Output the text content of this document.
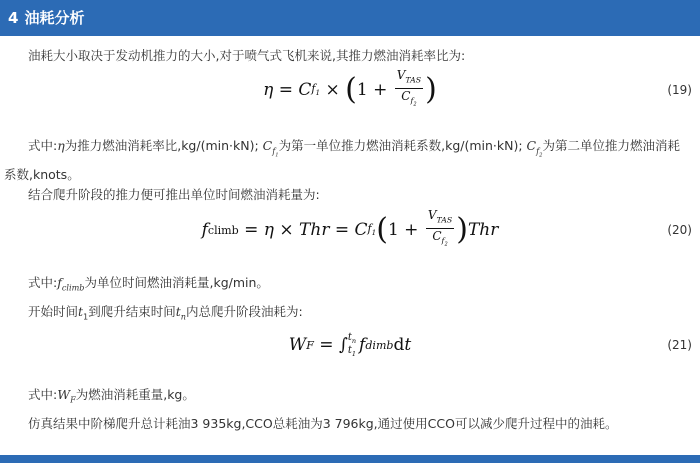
4 油耗分析
油耗大小取决于发动机推力的大小,对于喷气式飞机来说,其推力燃油消耗率比为:
η = C $f_1$ × ( $1 + \frac{V_{TAS}}{C_{f_2}}$ )	(19)
式中:η为推力燃油消耗率比,kg/(min·kN); $C_{f_1}$为第一单位推力燃油消耗系数,kg/(min·kN); $C_{f_2}$为第二单位推力燃油消耗系数,knots。
结合爬升阶段的推力便可推出单位时间燃油消耗量为:
f climb = η × Thr = C $f_1$ ( $1 + \frac{V_{TAS}}{C_{f_2}}$ ) Thr	(20)
式中$:f_{climb}$为单位时间燃油消耗量,kg/min。
开始时间$t_1$到爬升结束时间$t_n$内总爬升阶段油耗为:
W F = ∫ $t_n$
$t_1$ f dimb d t	(21)
式中$:W_F$为燃油消耗重量,kg。
仿真结果中阶梯爬升总计耗油3 935kg,CCO总耗油为3 796kg,通过使用CCO可以减少爬升过程中的油耗。
